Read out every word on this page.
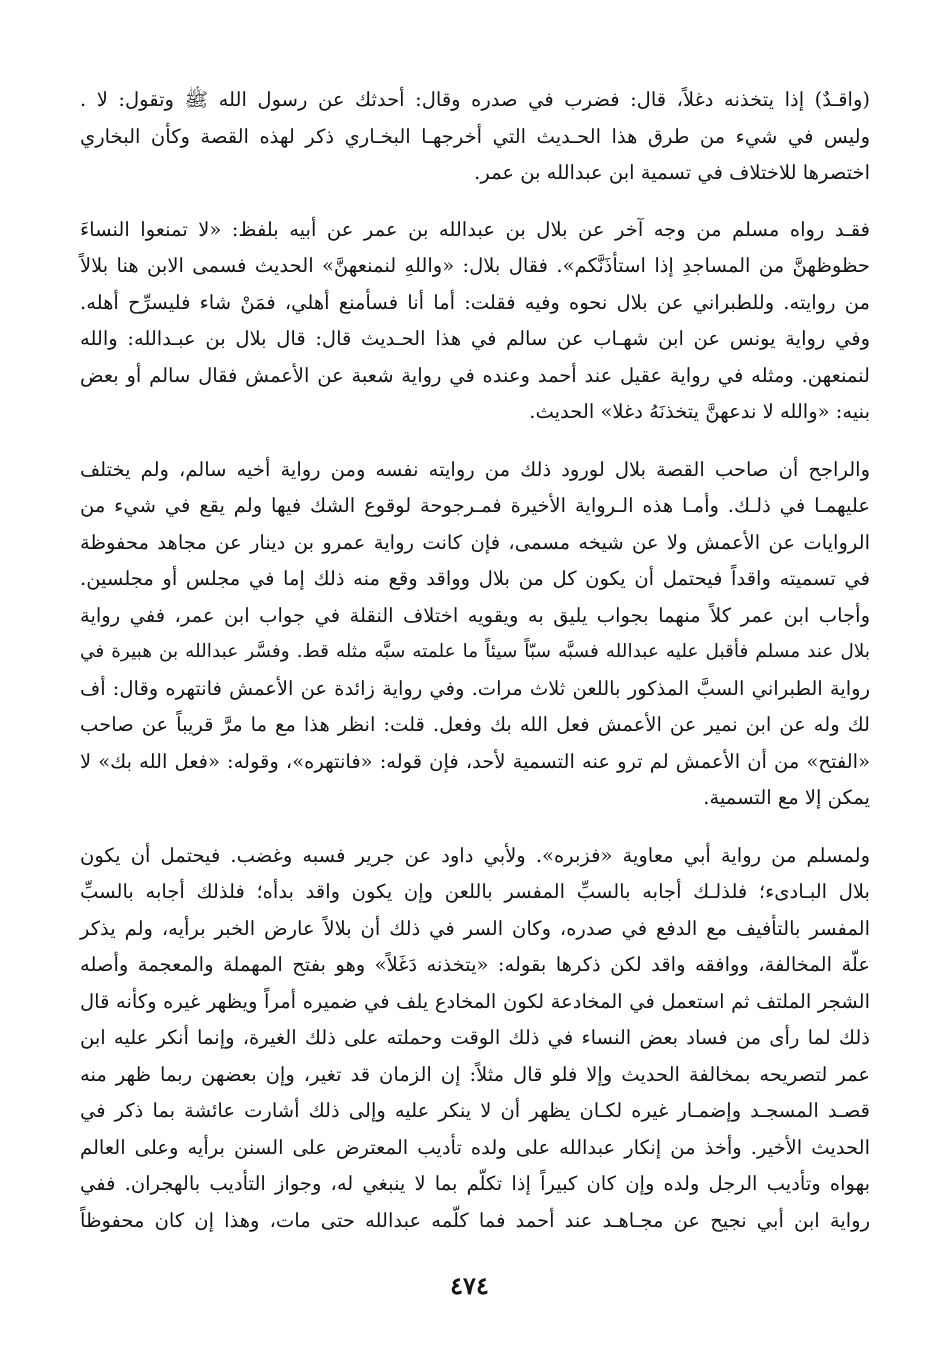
(واقـدٌ) إذا يتخذنه دغلاً، قال: فضرب في صدره وقال: أحدثك عن رسول الله ﷺ وتقول: لا .
وليس في شيء من طرق هذا الحـديث التي أخرجهـا البخـاري ذكر لهذه القصة وكأن البخاري
اختصرها للاختلاف في تسمية ابن عبدالله بن عمر.
فقـد رواه مسلم من وجه آخر عن بلال بن عبدالله بن عمر عن أبيه بلفظ: «لا تمنعوا النساءَ
حظوظهنَّ من المساجدِ إذا استأذَنَّكم». فقال بلال: «واللهِ لنمنعهنَّ» الحديث فسمى الابن هنا بلالاً
من روايته. وللطبراني عن بلال نحوه وفيه فقلت: أما أنا فسأمنع أهلي، فمَنْ شاء فليسرِّح أهله.
وفي رواية يونس عن ابن شهـاب عن سالم في هذا الحـديث قال: قال بلال بن عبـدالله: والله
لنمنعهن. ومثله في رواية عقيل عند أحمد وعنده في رواية شعبة عن الأعمش فقال سالم أو بعض
بنيه: «والله لا ندعهنَّ يتخذنَهُ دغلا» الحديث.
والراجح أن صاحب القصة بلال لورود ذلك من روايته نفسه ومن رواية أخيه سالم، ولم يختلف
عليهمـا في ذلـك. وأمـا هذه الـرواية الأخيرة فمـرجوحة لوقوع الشك فيها ولم يقع في شيء من
الروايات عن الأعمش ولا عن شيخه مسمى، فإن كانت رواية عمرو بن دينار عن مجاهد محفوظة
في تسميته واقداً فيحتمل أن يكون كل من بلال وواقد وقع منه ذلك إما في مجلس أو مجلسين.
وأجاب ابن عمر كلاً منهما بجواب يليق به ويقويه اختلاف النقلة في جواب ابن عمر، ففي رواية
بلال عند مسلم فأقبل عليه عبدالله فسبَّه سبّاً سيئاً ما علمته سبَّه مثله قط. وفسَّر عبدالله بن هبيرة في
رواية الطبراني السبَّ المذكور باللعن ثلاث مرات. وفي رواية زائدة عن الأعمش فانتهره وقال: أف
لك وله عن ابن نمير عن الأعمش فعل الله بك وفعل. قلت: انظر هذا مع ما مرَّ قريباً عن صاحب
«الفتح» من أن الأعمش لم ترو عنه التسمية لأحد، فإن قوله: «فانتهره»، وقوله: «فعل الله بك» لا
يمكن إلا مع التسمية.
ولمسلم من رواية أبي معاوية «فزبره». ولأبي داود عن جرير فسبه وغضب. فيحتمل أن يكون
بلال البـادىء؛ فلذلـك أجابه بالسبِّ المفسر باللعن وإن يكون واقد بدأه؛ فلذلك أجابه بالسبِّ
المفسر بالتأفيف مع الدفع في صدره، وكان السر في ذلك أن بلالاً عارض الخبر برأيه، ولم يذكر
علّة المخالفة، ووافقه واقد لكن ذكرها بقوله: «يتخذنه دَغَلاً» وهو بفتح المهملة والمعجمة وأصله
الشجر الملتف ثم استعمل في المخادعة لكون المخادع يلف في ضميره أمراً ويظهر غيره وكأنه قال
ذلك لما رأى من فساد بعض النساء في ذلك الوقت وحملته على ذلك الغيرة، وإنما أنكر عليه ابن
عمر لتصريحه بمخالفة الحديث وإلا فلو قال مثلاً: إن الزمان قد تغير، وإن بعضهن ربما ظهر منه
قصـد المسجـد وإضمـار غيره لكـان يظهر أن لا ينكر عليه وإلى ذلك أشارت عائشة بما ذكر في
الحديث الأخير. وأخذ من إنكار عبدالله على ولده تأديب المعترض على السنن برأيه وعلى العالم
بهواه وتأديب الرجل ولده وإن كان كبيراً إذا تكلّم بما لا ينبغي له، وجواز التأديب بالهجران. ففي
رواية ابن أبي نجيح عن مجـاهـد عند أحمد فما كلّمه عبدالله حتى مات، وهذا إن كان محفوظاً
٤٧٤
